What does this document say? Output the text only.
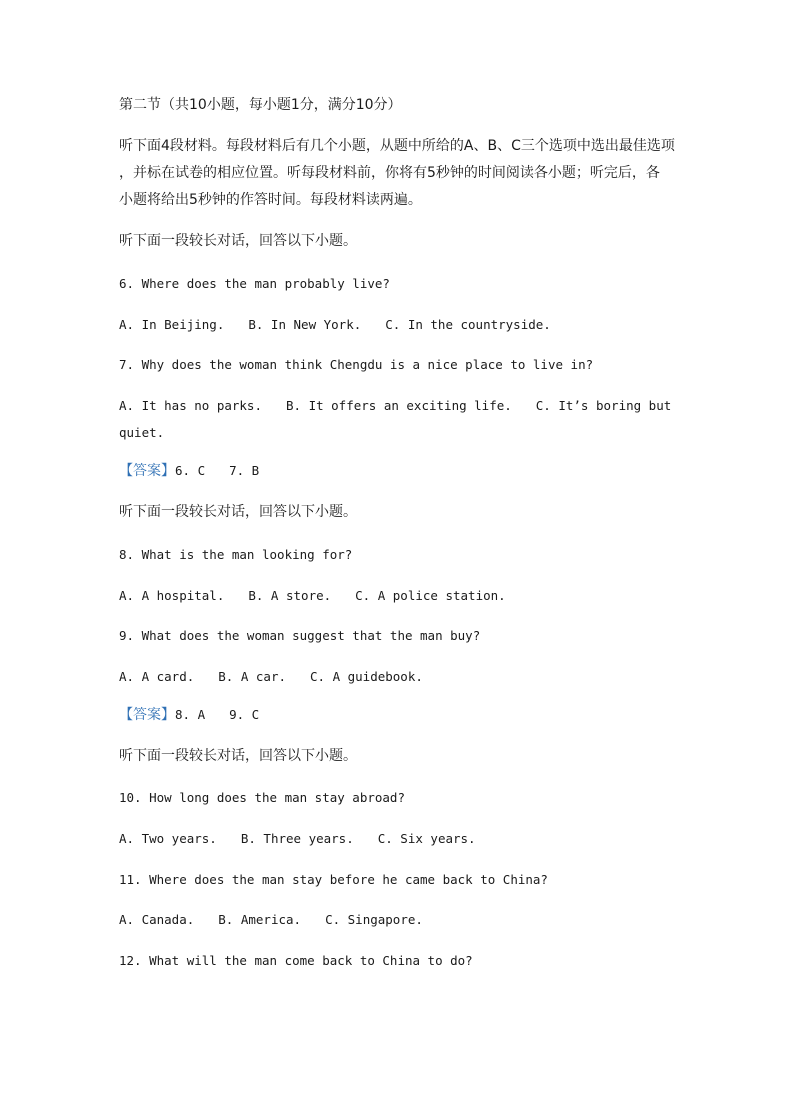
第二节（共10小题，每小题1分，满分10分）

听下面4段材料。每段材料后有几个小题，从题中所给的A、B、C三个选项中选出最佳选项

，并标在试卷的相应位置。听每段材料前，你将有5秒钟的时间阅读各小题；听完后，各

小题将给出5秒钟的作答时间。每段材料读两遍。

听下面一段较长对话，回答以下小题。

6. Where does the man probably live?

A. In Beijing. B. In New York. C. In the countryside.

7. Why does the woman think Chengdu is a nice place to live in?

A. It has no parks. B. It offers an exciting life. C. It’s boring but

quiet.

【答案】6. C 7. B

听下面一段较长对话，回答以下小题。

8. What is the man looking for?

A. A hospital. B. A store. C. A police station.

9. What does the woman suggest that the man buy?

A. A card. B. A car. C. A guidebook.

【答案】8. A 9. C

听下面一段较长对话，回答以下小题。

10. How long does the man stay abroad?

A. Two years. B. Three years. C. Six years.

11. Where does the man stay before he came back to China?

A. Canada. B. America. C. Singapore.

12. What will the man come back to China to do?
